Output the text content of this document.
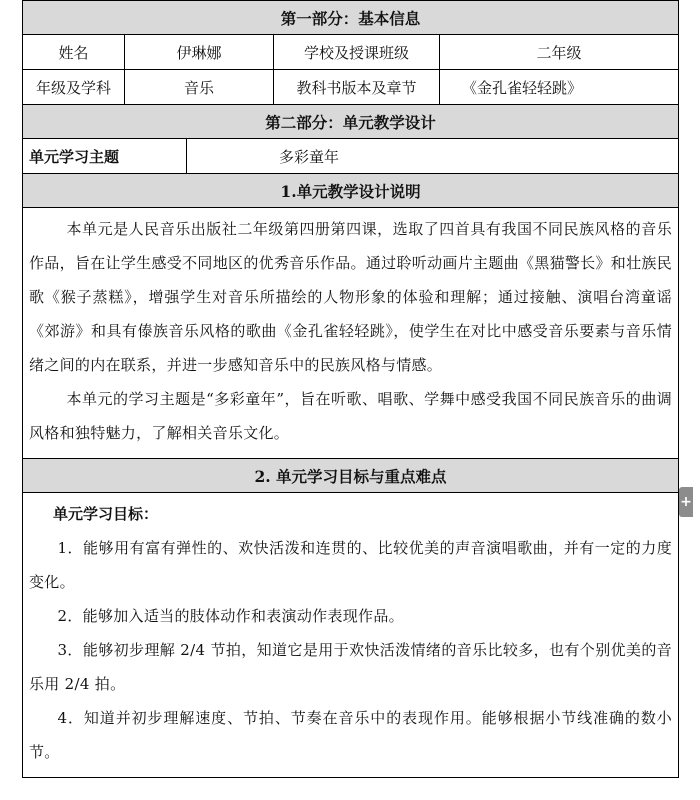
第一部分：基本信息				
姓名	伊琳娜		学校及授课班级	二年级
年级及学科	音乐		教科书版本及章节	《金孔雀轻轻跳》
第二部分：单元教学设计				
单元学习主题		多彩童年		
1.单元教学设计说明				

本单元是人民音乐出版社二年级第四册第四课，选取了四首具有我国不同民族风格的音乐作品，旨在让学生感受不同地区的优秀音乐作品。通过聆听动画片主题曲《黑猫警长》和壮族民歌《猴子蒸糕》，增强学生对音乐所描绘的人物形象的体验和理解；通过接触、演唱台湾童谣《郊游》和具有傣族音乐风格的歌曲《金孔雀轻轻跳》，使学生在对比中感受音乐要素与音乐情绪之间的内在联系，并进一步感知音乐中的民族风格与情感。

本单元的学习主题是“多彩童年”，旨在听歌、唱歌、学舞中感受我国不同民族音乐的曲调风格和独特魅力，了解相关音乐文化。				

2. 单元学习目标与重点难点				

单元学习目标：

1．能够用有富有弹性的、欢快活泼和连贯的、比较优美的声音演唱歌曲，并有一定的力度变化。

2．能够加入适当的肢体动作和表演动作表现作品。

3．能够初步理解 2/4 节拍，知道它是用于欢快活泼情绪的音乐比较多，也有个别优美的音乐用 2/4 拍。

4．知道并初步理解速度、节拍、节奏在音乐中的表现作用。能够根据小节线准确的数小节。				

+
